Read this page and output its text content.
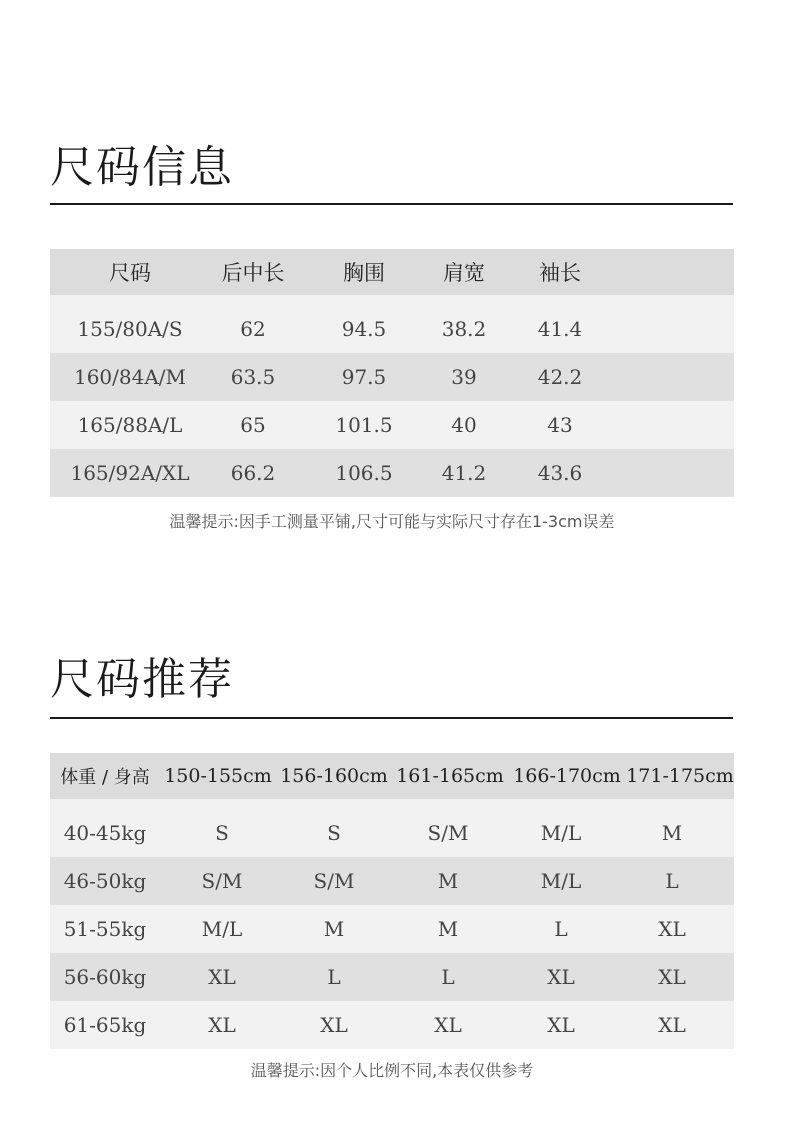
尺码信息
尺码	后中长	胸围	肩宽	袖长
155/80A/S	62	94.5	38.2	41.4
160/84A/M	63.5	97.5	39	42.2
165/88A/L	65	101.5	40	43
165/92A/XL	66.2	106.5	41.2	43.6
温馨提示:因手工测量平铺,尺寸可能与实际尺寸存在1-3cm误差
尺码推荐
体重 / 身高 150-155cm 156-160cm 161-165cm 166-170cm 171-175cm
40-45kg	S	S	S/M	M/L	M
46-50kg	S/M	S/M	M	M/L	L
51-55kg	M/L	M	M	L	XL
56-60kg	XL	L	L	XL	XL
61-65kg	XL	XL	XL	XL	XL
温馨提示:因个人比例不同,本表仅供参考
